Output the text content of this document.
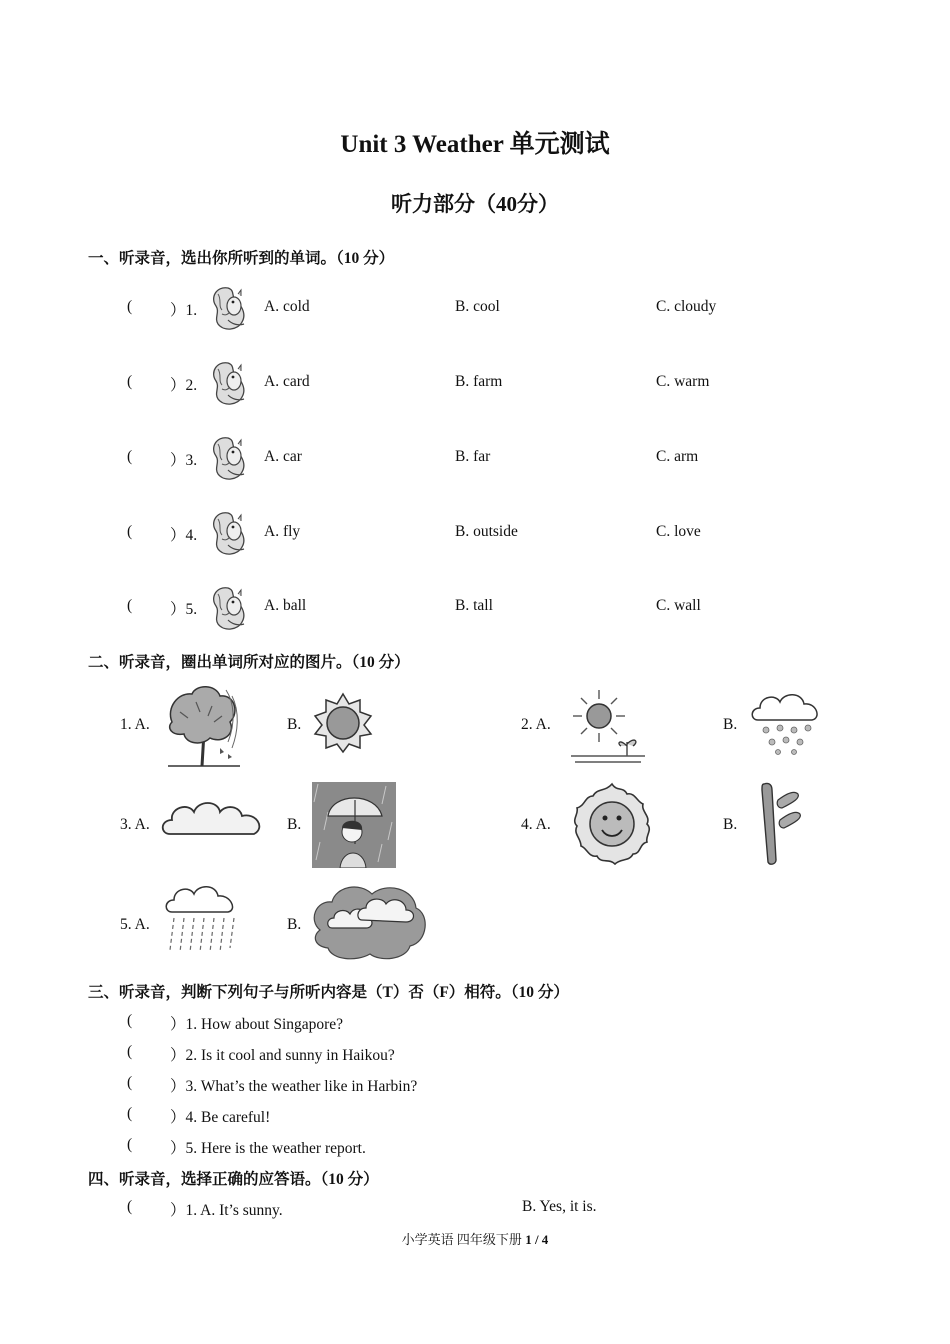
Unit 3 Weather 单元测试
听力部分（40分）
一、听录音，选出你所听到的单词。（10 分）
( ）1.	A. cold	B. cool	C. cloudy
( ）2.	A. card	B. farm	C. warm
( ）3.	A. car	B. far	C. arm
( ）4.	A. fly	B. outside	C. love
( ）5.	A. ball	B. tall	C. wall
二、听录音，圈出单词所对应的图片。（10 分）
1. A.	B.	2. A.	B.
3. A.	B.	4. A.	B.
5. A.	B.
三、听录音，判断下列句子与所听内容是（T）否（F）相符。（10 分）
( ）1. How about Singapore?
( ）2. Is it cool and sunny in Haikou?
( ）3. What’s the weather like in Harbin?
( ）4. Be careful!
( ）5. Here is the weather report.
四、听录音，选择正确的应答语。（10 分）
( ）1. A. It’s sunny.	B. Yes, it is.
小学英语 四年级下册 1 / 4
